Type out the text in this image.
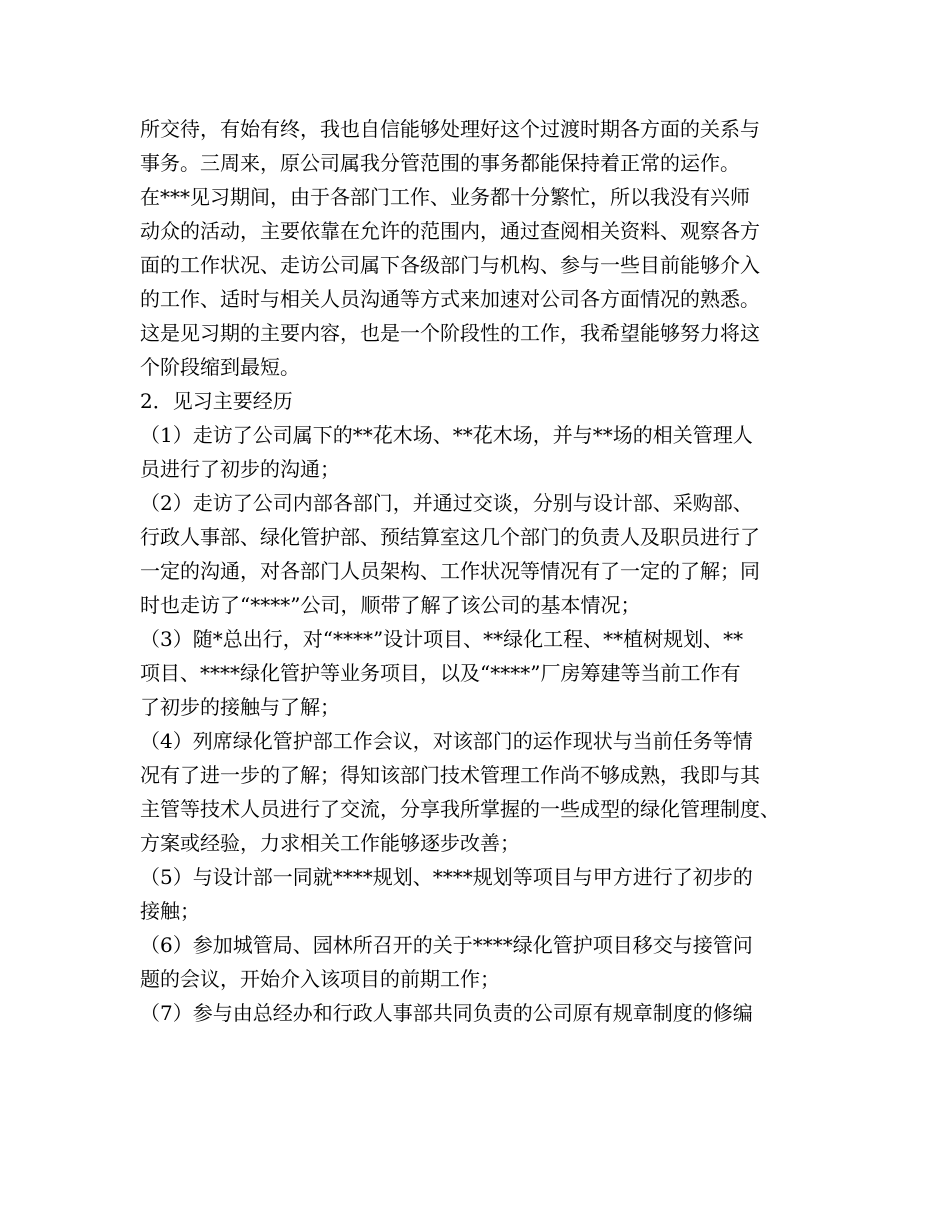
所交待，有始有终，我也自信能够处理好这个过渡时期各方面的关系与
事务。三周来，原公司属我分管范围的事务都能保持着正常的运作。
在***见习期间，由于各部门工作、业务都十分繁忙，所以我没有兴师
动众的活动，主要依靠在允许的范围内，通过查阅相关资料、观察各方
面的工作状况、走访公司属下各级部门与机构、参与一些目前能够介入
的工作、适时与相关人员沟通等方式来加速对公司各方面情况的熟悉。
这是见习期的主要内容，也是一个阶段性的工作，我希望能够努力将这
个阶段缩到最短。
2．见习主要经历
（1）走访了公司属下的**花木场、**花木场，并与**场的相关管理人
员进行了初步的沟通；
（2）走访了公司内部各部门，并通过交谈，分别与设计部、采购部、
行政人事部、绿化管护部、预结算室这几个部门的负责人及职员进行了
一定的沟通，对各部门人员架构、工作状况等情况有了一定的了解；同
时也走访了“****”公司，顺带了解了该公司的基本情况；
（3）随*总出行，对“****”设计项目、**绿化工程、**植树规划、**
项目、****绿化管护等业务项目，以及“****”厂房筹建等当前工作有
了初步的接触与了解；
（4）列席绿化管护部工作会议，对该部门的运作现状与当前任务等情
况有了进一步的了解；得知该部门技术管理工作尚不够成熟，我即与其
主管等技术人员进行了交流，分享我所掌握的一些成型的绿化管理制度、
方案或经验，力求相关工作能够逐步改善；
（5）与设计部一同就****规划、****规划等项目与甲方进行了初步的
接触；
（6）参加城管局、园林所召开的关于****绿化管护项目移交与接管问
题的会议，开始介入该项目的前期工作；
（7）参与由总经办和行政人事部共同负责的公司原有规章制度的修编
